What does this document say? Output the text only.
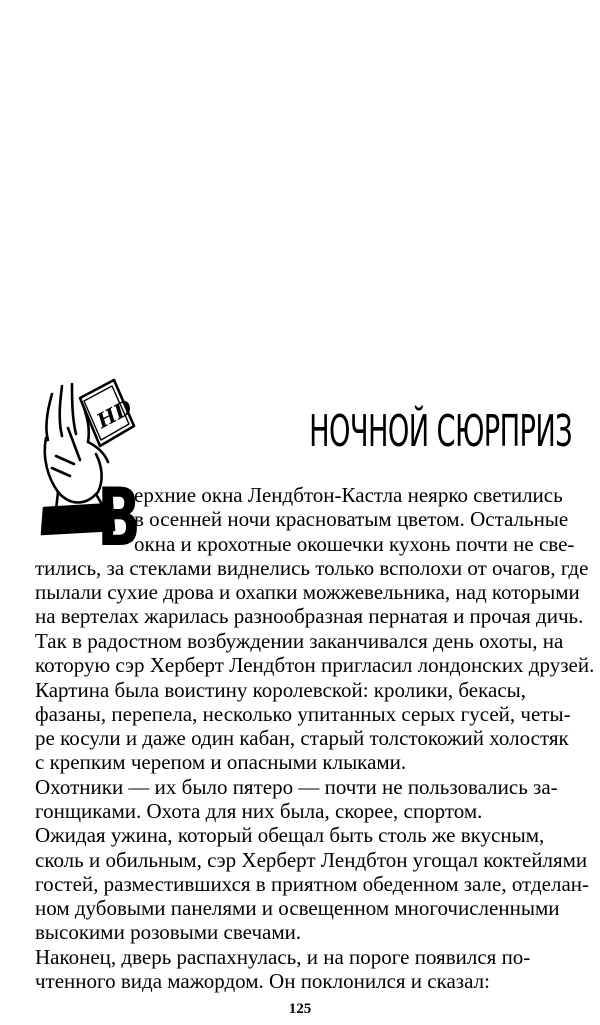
HD	НОЧНОЙ СЮРПРИЗ
В
ерхние окна Лендбтон-Кастла неярко светились
в осенней ночи красноватым цветом. Остальные
окна и крохотные окошечки кухонь почти не све-
тились, за стеклами виднелись только всполохи от очагов, где
пылали сухие дрова и охапки можжевельника, над которыми
на вертелах жарилась разнообразная пернатая и прочая дичь.
Так в радостном возбуждении заканчивался день охоты, на
которую сэр Херберт Лендбтон пригласил лондонских друзей.
Картина была воистину королевской: кролики, бекасы,
фазаны, перепела, несколько упитанных серых гусей, четы-
ре косули и даже один кабан, старый толстокожий холостяк
с крепким черепом и опасными клыками.
Охотники — их было пятеро — почти не пользовались за-
гонщиками. Охота для них была, скорее, спортом.
Ожидая ужина, который обещал быть столь же вкусным,
сколь и обильным, сэр Херберт Лендбтон угощал коктейлями
гостей, разместившихся в приятном обеденном зале, отделан-
ном дубовыми панелями и освещенном многочисленными
высокими розовыми свечами.
Наконец, дверь распахнулась, и на пороге появился по-
чтенного вида мажордом. Он поклонился и сказал:
125
